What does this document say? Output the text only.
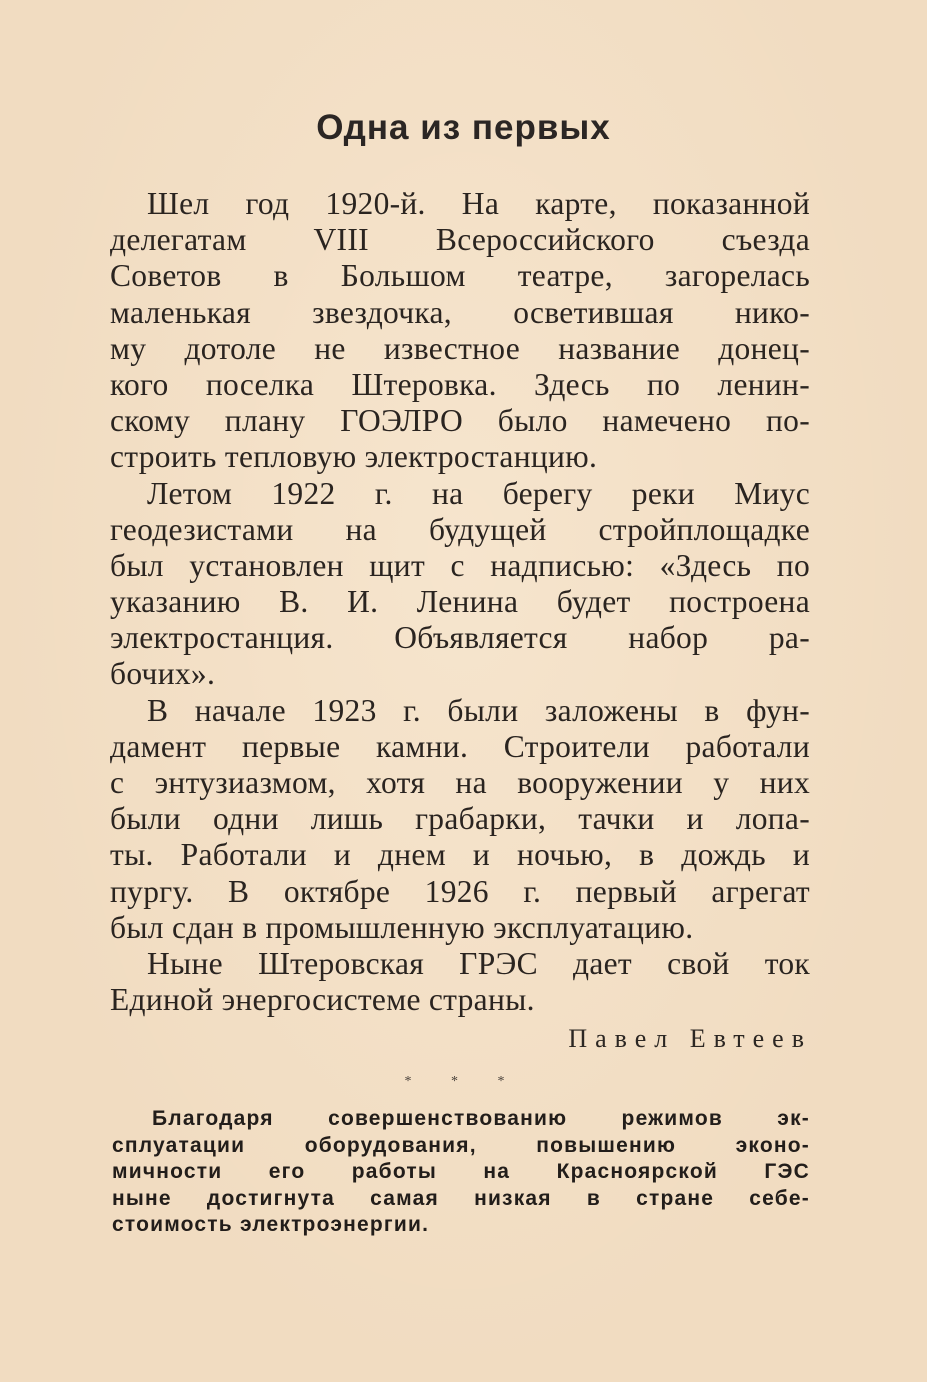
Одна из первых
Шел год 1920-й. На карте, показанной
делегатам VIII Всероссийского съезда
Советов в Большом театре, загорелась
маленькая звездочка, осветившая нико-
му дотоле не известное название донец-
кого поселка Штеровка. Здесь по ленин-
скому плану ГОЭЛРО было намечено по-
строить тепловую электростанцию.
Летом 1922 г. на берегу реки Миус
геодезистами на будущей стройплощадке
был установлен щит с надписью: «Здесь по
указанию В. И. Ленина будет построена
электростанция. Объявляется набор ра-
бочих».
В начале 1923 г. были заложены в фун-
дамент первые камни. Строители работали
с энтузиазмом, хотя на вооружении у них
были одни лишь грабарки, тачки и лопа-
ты. Работали и днем и ночью, в дождь и
пургу. В октябре 1926 г. первый агрегат
был сдан в промышленную эксплуатацию.
Ныне Штеровская ГРЭС дает свой ток
Единой энергосистеме страны.
Павел Евтеев
* * *
Благодаря совершенствованию режимов эк-
сплуатации оборудования, повышению эконо-
мичности его работы на Красноярской ГЭС
ныне достигнута самая низкая в стране себе-
стоимость электроэнергии.
